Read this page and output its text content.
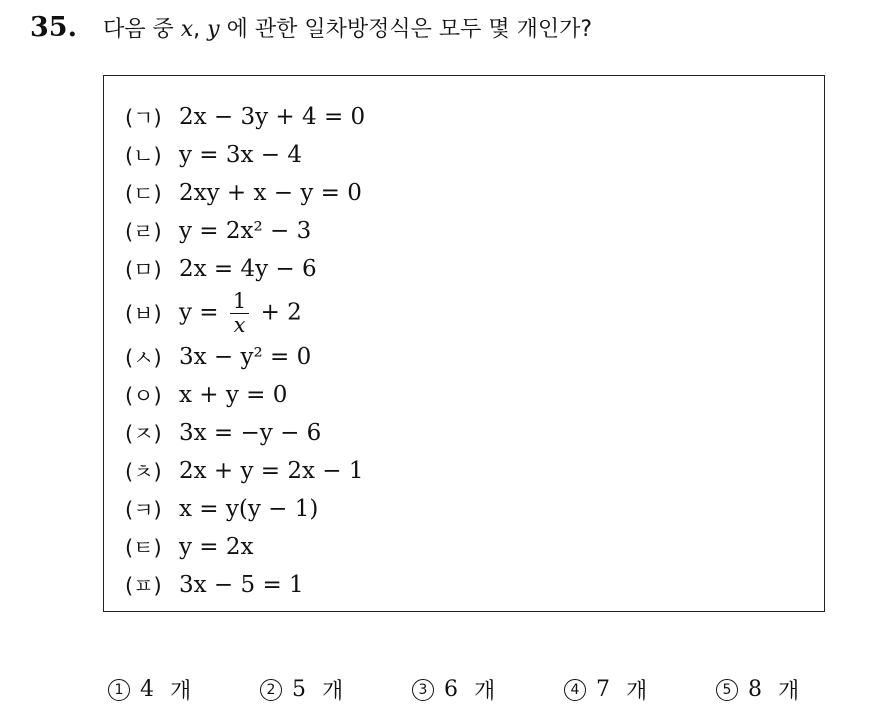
35. 다음 중 x, y 에 관한 일차방정식은 모두 몇 개인가?
(ㄱ) 2x − 3y + 4 = 0
(ㄴ) y = 3x − 4
(ㄷ) 2xy + x − y = 0
(ㄹ) y = 2x² − 3
(ㅁ) 2x = 4y − 6
(ㅂ) $y = \frac{1}{x} + 2$
(ㅅ) 3x − y² = 0
(ㅇ) x + y = 0
(ㅈ) 3x = −y − 6
(ㅊ) 2x + y = 2x − 1
(ㅋ) x = y(y − 1)
(ㅌ) y = 2x
(ㅍ) 3x − 5 = 1
1 4 개	2 5 개	3 6 개	4 7 개	5 8 개
